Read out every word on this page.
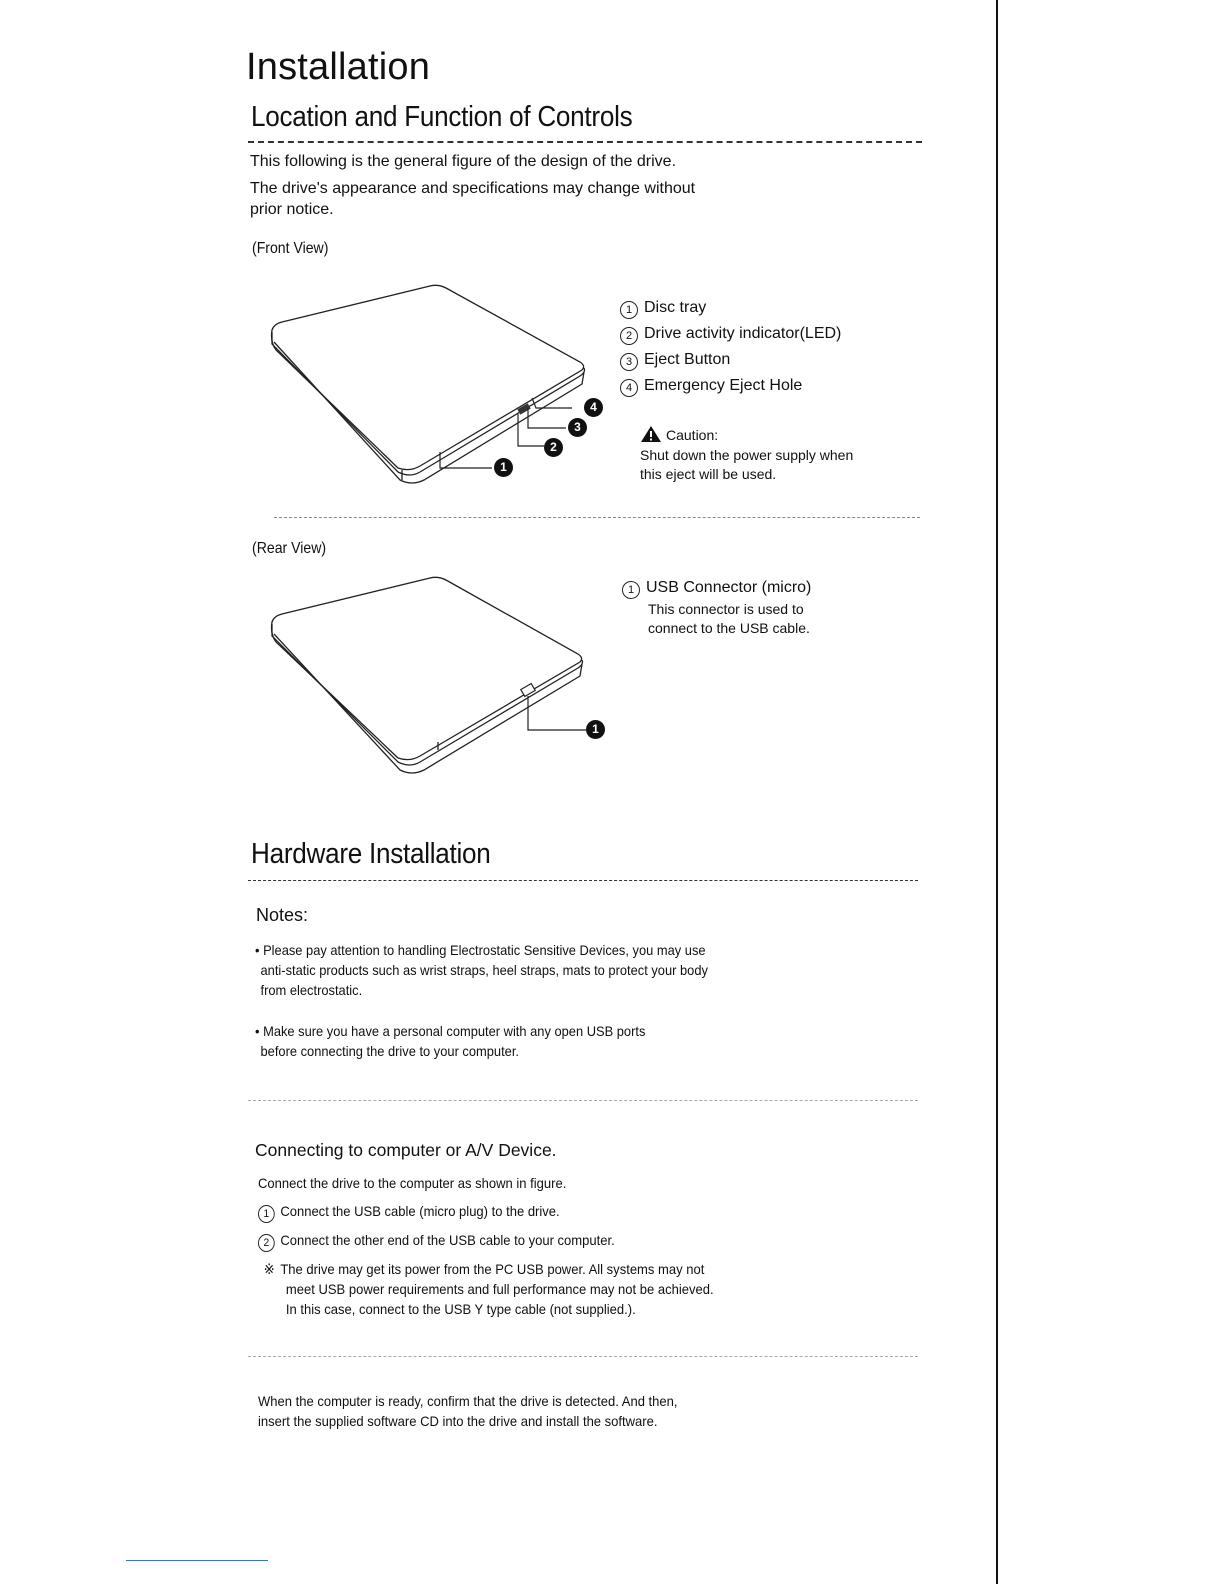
Installation
Location and Function of Controls
This following is the general figure of the design of the drive.
The drive's appearance and specifications may change without
prior notice.
(Front View)
4
3
2
1
1 Disc tray
2 Drive activity indicator(LED)
3 Eject Button
4 Emergency Eject Hole
Caution:
Shut down the power supply when
this eject will be used.
(Rear View)
1
1 USB Connector (micro)
This connector is used to
connect to the USB cable.
Hardware Installation
Notes:
• Please pay attention to handling Electrostatic Sensitive Devices, you may use
anti-static products such as wrist straps, heel straps, mats to protect your body
from electrostatic.
• Make sure you have a personal computer with any open USB ports
before connecting the drive to your computer.
Connecting to computer or A/V Device.
Connect the drive to the computer as shown in figure.
1 Connect the USB cable (micro plug) to the drive.
2 Connect the other end of the USB cable to your computer.
※ The drive may get its power from the PC USB power. All systems may not
meet USB power requirements and full performance may not be achieved.
In this case, connect to the USB Y type cable (not supplied.).
When the computer is ready, confirm that the drive is detected. And then,
insert the supplied software CD into the drive and install the software.
